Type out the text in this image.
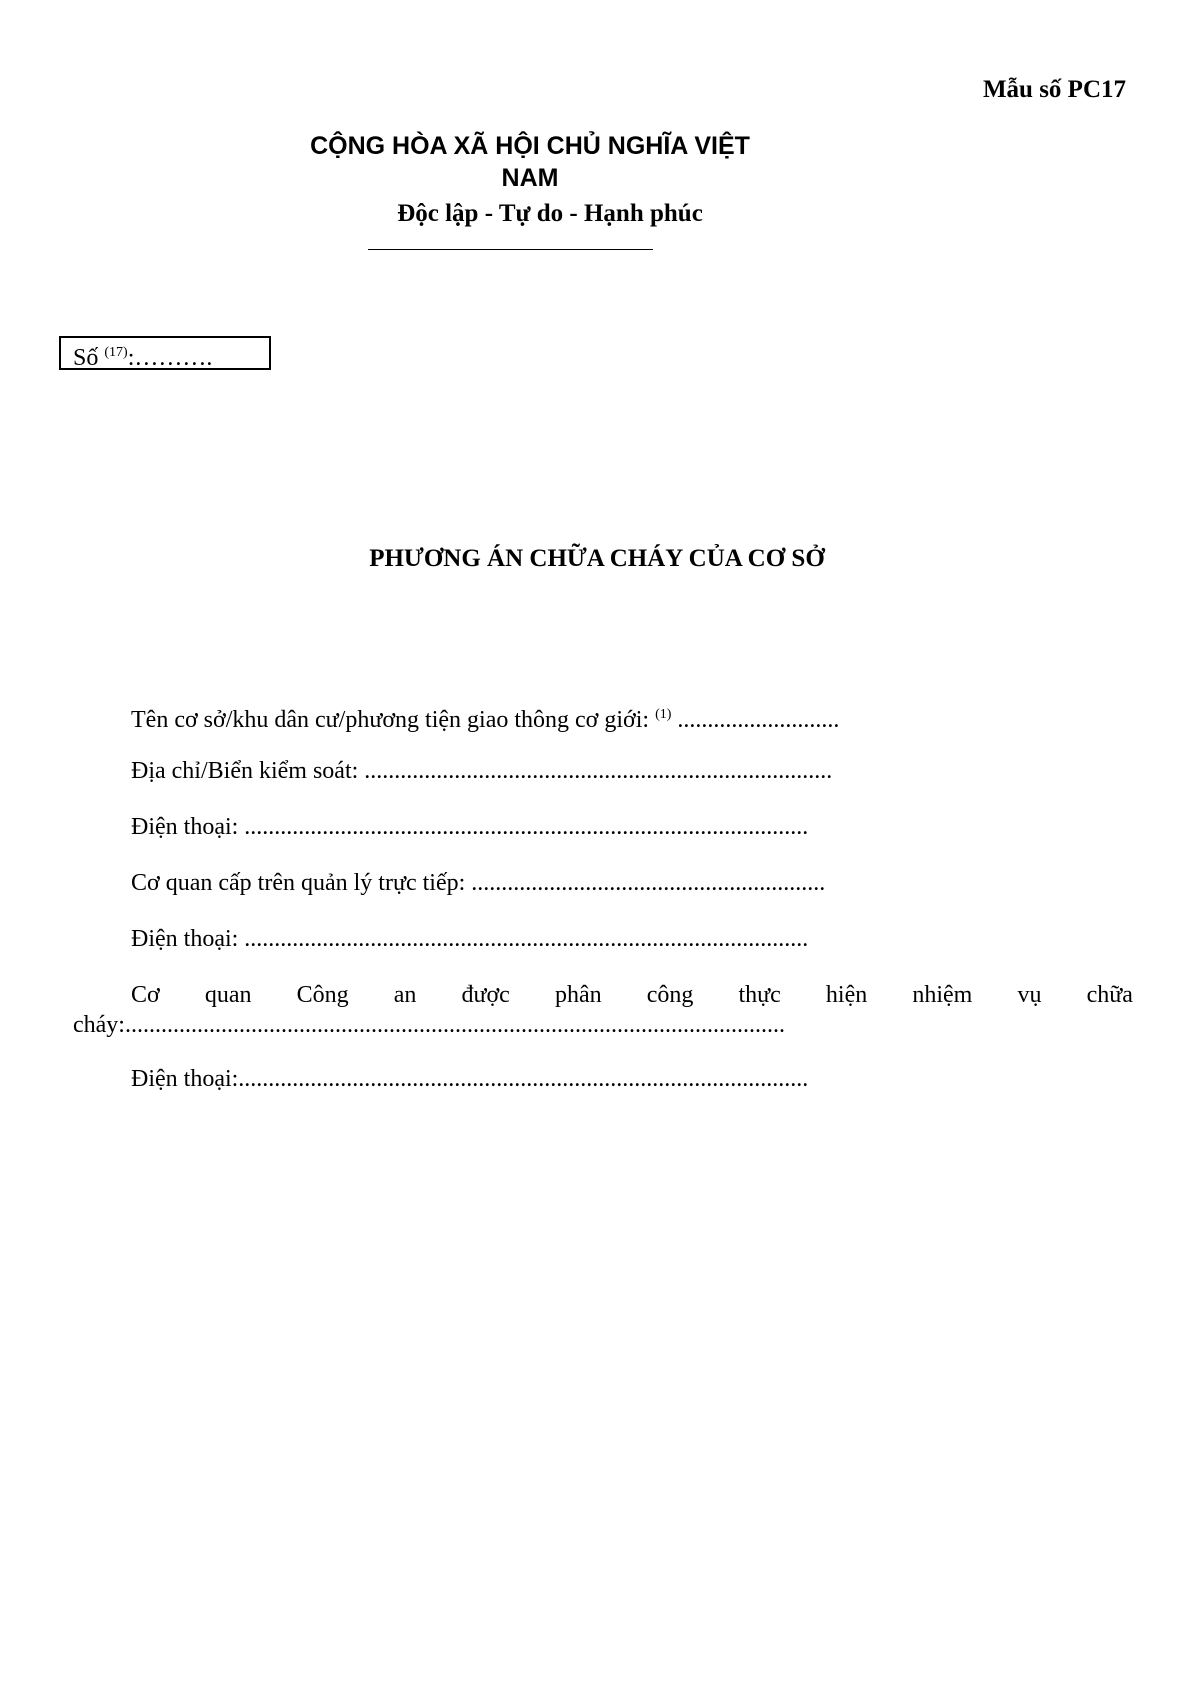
Mẫu số PC17
CỘNG HÒA XÃ HỘI CHỦ NGHĨA VIỆT NAM
Độc lập - Tự do - Hạnh phúc
Số $^{(17)}$:……….
PHƯƠNG ÁN CHỮA CHÁY CỦA CƠ SỞ
Tên cơ sở/khu dân cư/phương tiện giao thông cơ giới: $^{(1)}$ ...........................
Địa chỉ/Biển kiểm soát: ..............................................................................
Điện thoại: ..............................................................................................
Cơ quan cấp trên quản lý trực tiếp: ...........................................................
Điện thoại: ..............................................................................................
Cơ quan Công an được phân công thực hiện nhiệm vụ chữa
cháy:..............................................................................................................
Điện thoại:...............................................................................................
